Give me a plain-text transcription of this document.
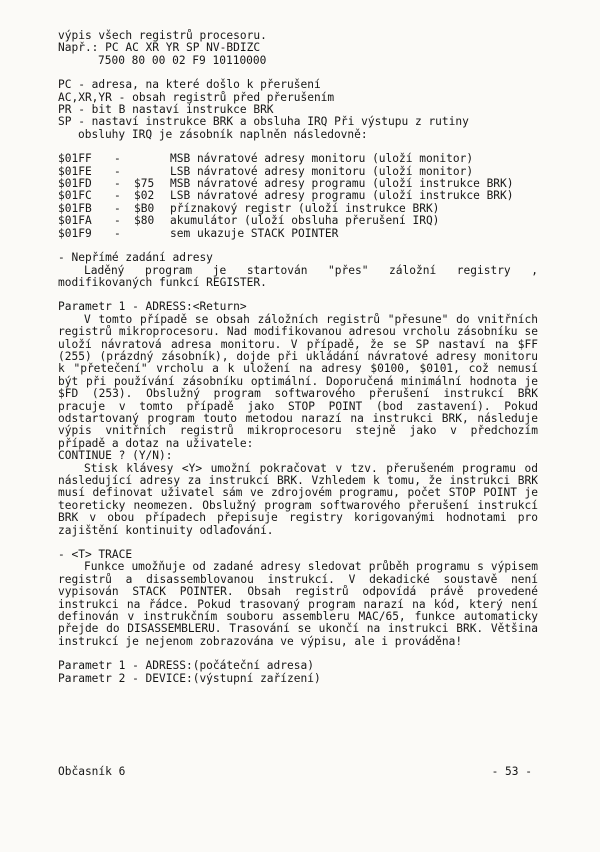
výpis všech registrů procesoru.
Např.: PC AC XR YR SP NV-BDIZC
7500 80 00 02 F9 10110000
PC - adresa, na které došlo k přerušení
AC,XR,YR - obsah registrů před přerušením
PR - bit B nastaví instrukce BRK
SP - nastaví instrukce BRK a obsluha IRQ Při výstupu z rutiny
obsluhy IRQ je zásobník naplněn následovně:
$01FF	-		MSB návratové adresy monitoru (uloží monitor)
$01FE	-		LSB návratové adresy monitoru (uloží monitor)
$01FD	-	$75	MSB návratové adresy programu (uloží instrukce BRK)
$01FC	-	$02	LSB návratové adresy programu (uloží instrukce BRK)
$01FB	-	$B0	příznakový registr (uloží instrukce BRK)
$01FA	-	$80	akumulátor (uloží obsluha přerušení IRQ)
$01F9	-		sem ukazuje STACK POINTER
- Nepřímé zadání adresy
Laděný program je startován "přes" záložní registry , modifikovaných funkcí REGISTER.
Parametr 1 - ADRESS:<Return>
V tomto případě se obsah záložních registrů "přesune" do vnitřních registrů mikroprocesoru. Nad modifikovanou adresou vrcholu zásobníku se uloží návratová adresa monitoru. V případě, že se SP nastaví na $FF (255) (prázdný zásobník), dojde při ukládání návratové adresy monitoru k "přetečení" vrcholu a k uložení na adresy $0100, $0101, což nemusí být při používání zásobníku optimální. Doporučená minimální hodnota je $FD (253). Obslužný program softwarového přerušení instrukcí BRK pracuje v tomto případě jako STOP POINT (bod zastavení). Pokud odstartovaný program touto metodou narazí na instrukci BRK, následuje výpis vnitřních registrů mikroprocesoru stejně jako v předchozím případě a dotaz na uživatele:
CONTINUE ? (Y/N):
Stisk klávesy <Y> umožní pokračovat v tzv. přerušeném programu od následující adresy za instrukcí BRK. Vzhledem k tomu, že instrukci BRK musí definovat uživatel sám ve zdrojovém programu, počet STOP POINT je teoreticky neomezen. Obslužný program softwarového přerušení instrukcí BRK v obou případech přepisuje registry korigovanými hodnotami pro zajištění kontinuity odlaďování.
- <T> TRACE
Funkce umožňuje od zadané adresy sledovat průběh programu s výpisem registrů a disassemblovanou instrukcí. V dekadické soustavě není vypisován STACK POINTER. Obsah registrů odpovídá právě provedené instrukci na řádce. Pokud trasovaný program narazí na kód, který není definován v instrukčním souboru assembleru MAC/65, funkce automaticky přejde do DISASSEMBLERU. Trasování se ukončí na instrukci BRK. Většina instrukcí je nejenom zobrazována ve výpisu, ale i prováděna!
Parametr 1 - ADRESS:(počáteční adresa)
Parametr 2 - DEVICE:(výstupní zařízení)
Občasník 6	- 53 -
